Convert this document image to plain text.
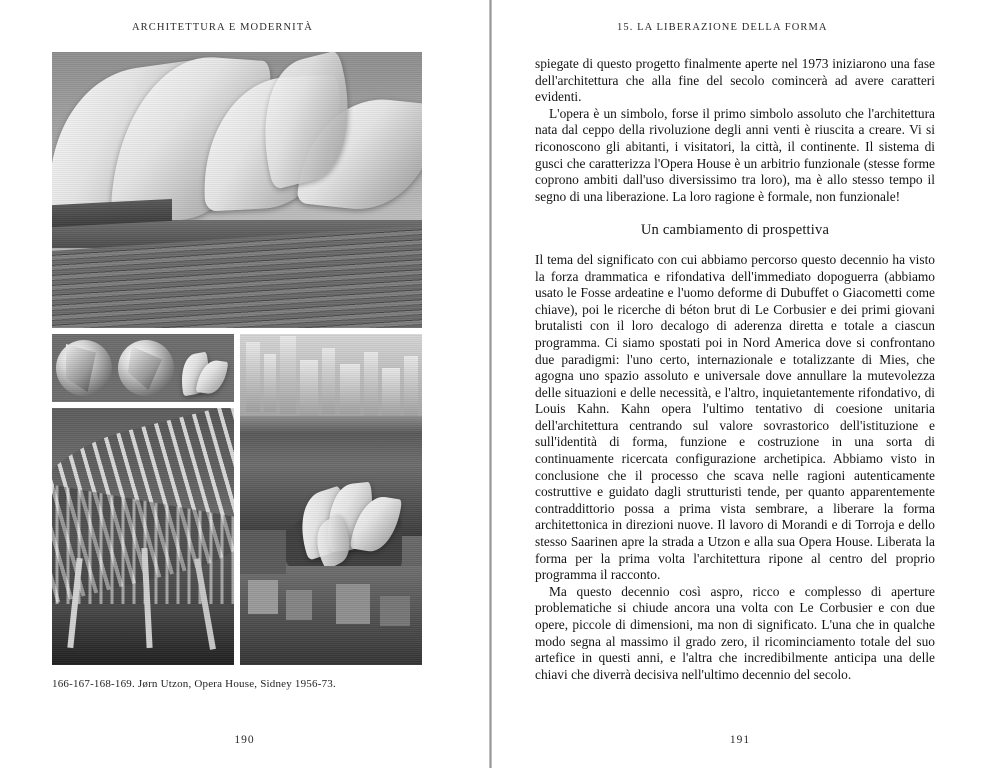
ARCHITETTURA E MODERNITÀ
166-167-168-169. Jørn Utzon, Opera House, Sidney 1956-73.
190
15. LA LIBERAZIONE DELLA FORMA

spiegate di questo progetto finalmente aperte nel 1973 iniziarono una fase dell'architettura che alla fine del secolo comincerà ad avere caratteri evidenti.

L'opera è un simbolo, forse il primo simbolo assoluto che l'architettura nata dal ceppo della rivoluzione degli anni venti è riuscita a creare. Vi si riconoscono gli abitanti, i visitatori, la città, il continente. Il sistema di gusci che caratterizza l'Opera House è un arbitrio funzionale (stesse forme coprono ambiti dall'uso diversissimo tra loro), ma è allo stesso tempo il segno di una liberazione. La loro ragione è formale, non funzionale!

Un cambiamento di prospettiva

Il tema del significato con cui abbiamo percorso questo decennio ha visto la forza drammatica e rifondativa dell'immediato dopoguerra (abbiamo usato le Fosse ardeatine e l'uomo deforme di Dubuffet o Giacometti come chiave), poi le ricerche di béton brut di Le Corbusier e dei primi giovani brutalisti con il loro decalogo di aderenza diretta e totale a ciascun programma. Ci siamo spostati poi in Nord America dove si confrontano due paradigmi: l'uno certo, internazionale e totalizzante di Mies, che agogna uno spazio assoluto e universale dove annullare la mutevolezza delle situazioni e delle necessità, e l'altro, inquietantemente rifondativo, di Louis Kahn. Kahn opera l'ultimo tentativo di coesione unitaria dell'architettura centrando sul valore sovrastorico dell'istituzione e sull'identità di forma, funzione e costruzione in una sorta di continuamente ricercata configurazione archetipica. Abbiamo visto in conclusione che il processo che scava nelle ragioni autenticamente costruttive e guidato dagli strutturisti tende, per quanto apparentemente contraddittorio possa a prima vista sembrare, a liberare la forma architettonica in direzioni nuove. Il lavoro di Morandi e di Torroja e dello stesso Saarinen apre la strada a Utzon e alla sua Opera House. Liberata la forma per la prima volta l'architettura ripone al centro del proprio programma il racconto.

Ma questo decennio così aspro, ricco e complesso di aperture problematiche si chiude ancora una volta con Le Corbusier e con due opere, piccole di dimensioni, ma non di significato. L'una che in qualche modo segna al massimo il grado zero, il ricominciamento totale del suo artefice in questi anni, e l'altra che incredibilmente anticipa una delle chiavi che diverrà decisiva nell'ultimo decennio del secolo.

191
